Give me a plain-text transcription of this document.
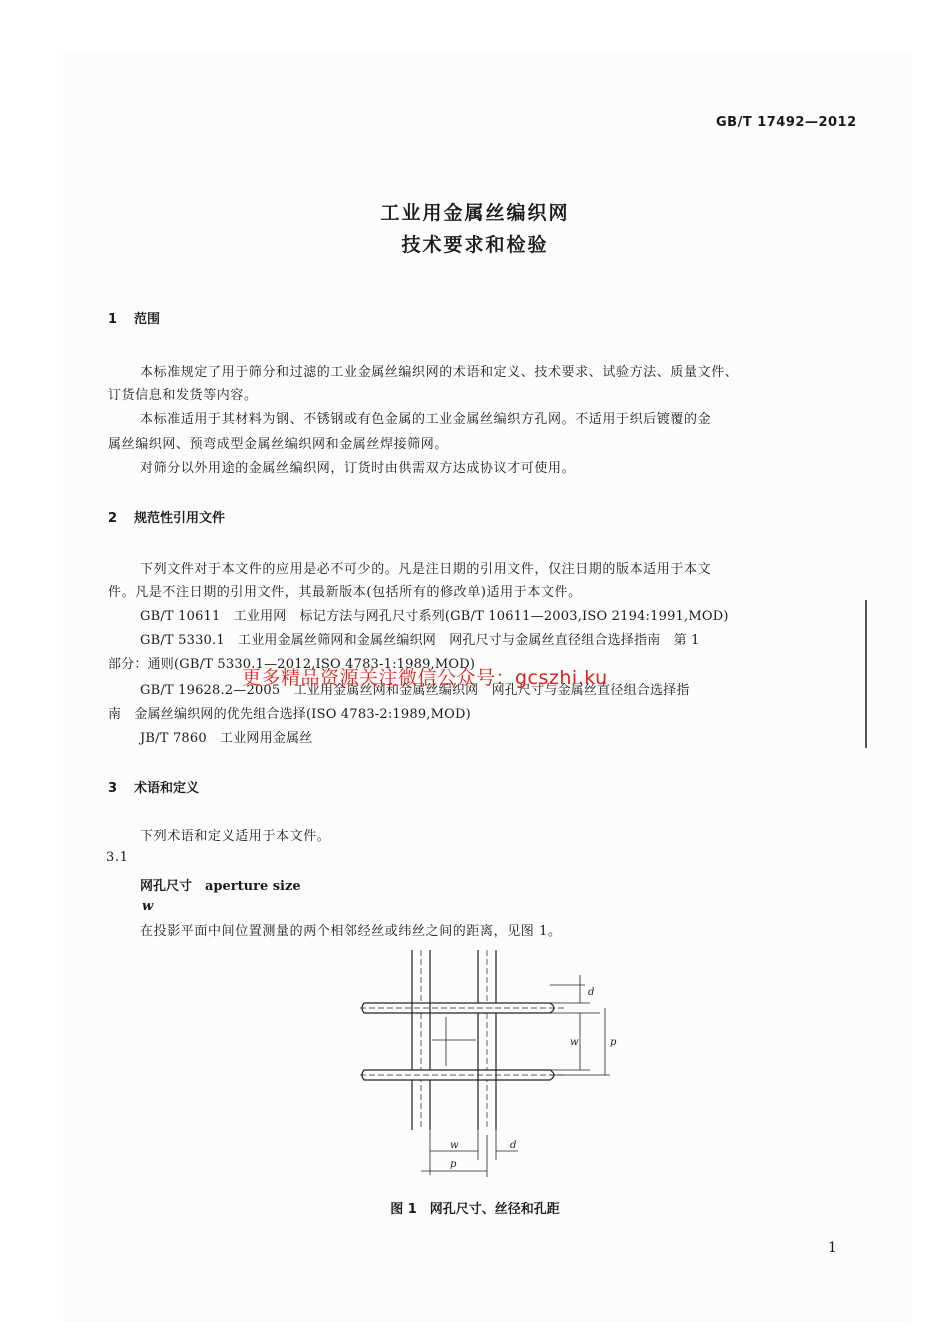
GB/T 17492—2012
工业用金属丝编织网
技术要求和检验
1 范围
本标准规定了用于筛分和过滤的工业金属丝编织网的术语和定义、技术要求、试验方法、质量文件、
订货信息和发货等内容。
本标准适用于其材料为钢、不锈钢或有色金属的工业金属丝编织方孔网。不适用于织后镀覆的金
属丝编织网、预弯成型金属丝编织网和金属丝焊接筛网。
对筛分以外用途的金属丝编织网，订货时由供需双方达成协议才可使用。
2 规范性引用文件
下列文件对于本文件的应用是必不可少的。凡是注日期的引用文件，仅注日期的版本适用于本文
件。凡是不注日期的引用文件，其最新版本(包括所有的修改单)适用于本文件。
GB/T 10611　工业用网　标记方法与网孔尺寸系列(GB/T 10611—2003,ISO 2194:1991,MOD)
GB/T 5330.1　工业用金属丝筛网和金属丝编织网　网孔尺寸与金属丝直径组合选择指南　第 1
部分：通则(GB/T 5330.1—2012,ISO 4783-1:1989,MOD)
GB/T 19628.2—2005　工业用金属丝网和金属丝编织网　网孔尺寸与金属丝直径组合选择指
南　金属丝编织网的优先组合选择(ISO 4783-2:1989,MOD)
JB/T 7860　工业网用金属丝
更多精品资源关注微信公众号：gcszhi.ku
3 术语和定义
下列术语和定义适用于本文件。
3.1
网孔尺寸　aperture size
w
在投影平面中间位置测量的两个相邻经丝或纬丝之间的距离，见图 1。
d
w	p
w
p
d
图 1　网孔尺寸、丝径和孔距
1
